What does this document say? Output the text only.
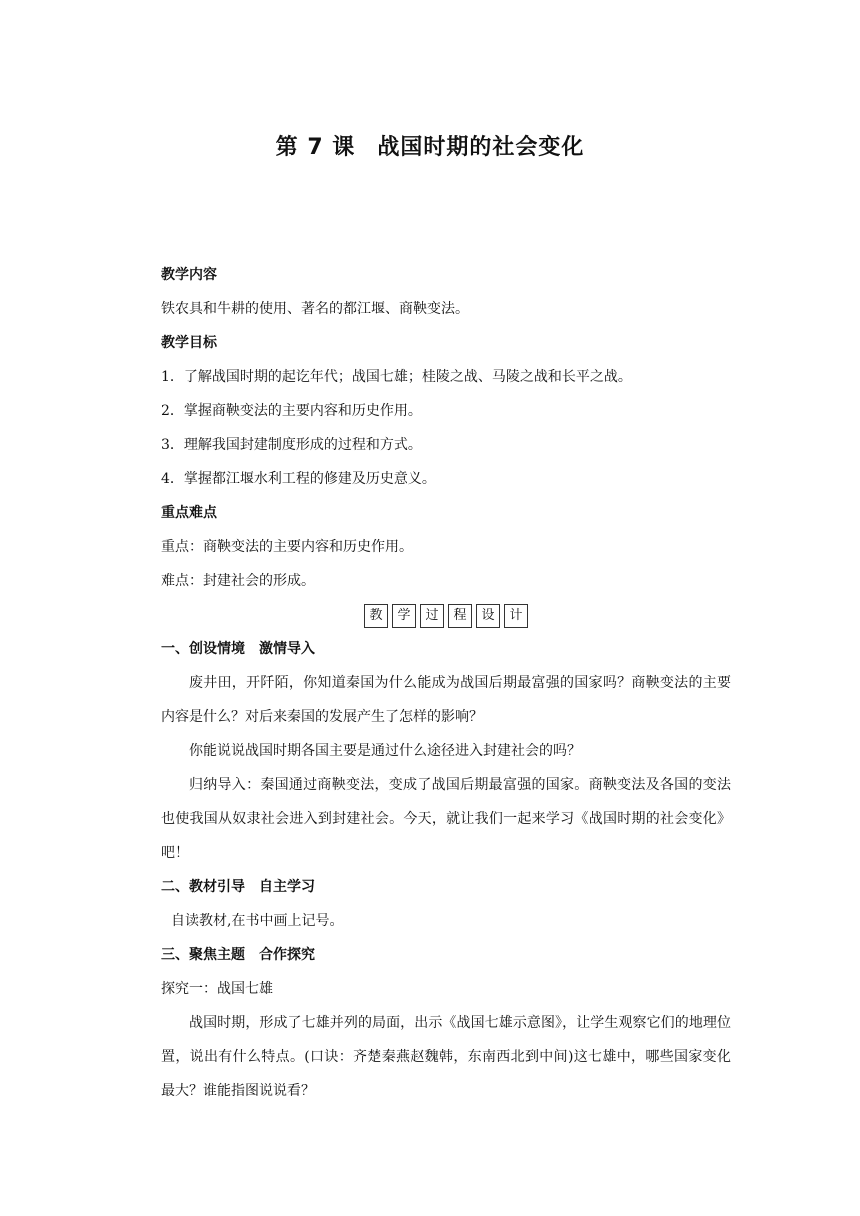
第 7 课 战国时期的社会变化
教学内容
铁农具和牛耕的使用、著名的都江堰、商鞅变法。
教学目标
1．了解战国时期的起讫年代；战国七雄；桂陵之战、马陵之战和长平之战。
2．掌握商鞅变法的主要内容和历史作用。
3．理解我国封建制度形成的过程和方式。
4．掌握都江堰水利工程的修建及历史意义。
重点难点
重点：商鞅变法的主要内容和历史作用。
难点：封建社会的形成。
教 学 过 程 设 计
一、创设情境　激情导入
废井田，开阡陌，你知道秦国为什么能成为战国后期最富强的国家吗？商鞅变法的主要内容是什么？对后来秦国的发展产生了怎样的影响？
你能说说战国时期各国主要是通过什么途径进入封建社会的吗？
归纳导入：秦国通过商鞅变法，变成了战国后期最富强的国家。商鞅变法及各国的变法也使我国从奴隶社会进入到封建社会。今天，就让我们一起来学习《战国时期的社会变化》吧！
二、教材引导　自主学习
自读教材,在书中画上记号。
三、聚焦主题　合作探究
探究一：战国七雄
战国时期，形成了七雄并列的局面，出示《战国七雄示意图》，让学生观察它们的地理位置，说出有什么特点。(口诀：齐楚秦燕赵魏韩，东南西北到中间)这七雄中，哪些国家变化最大？谁能指图说说看？
